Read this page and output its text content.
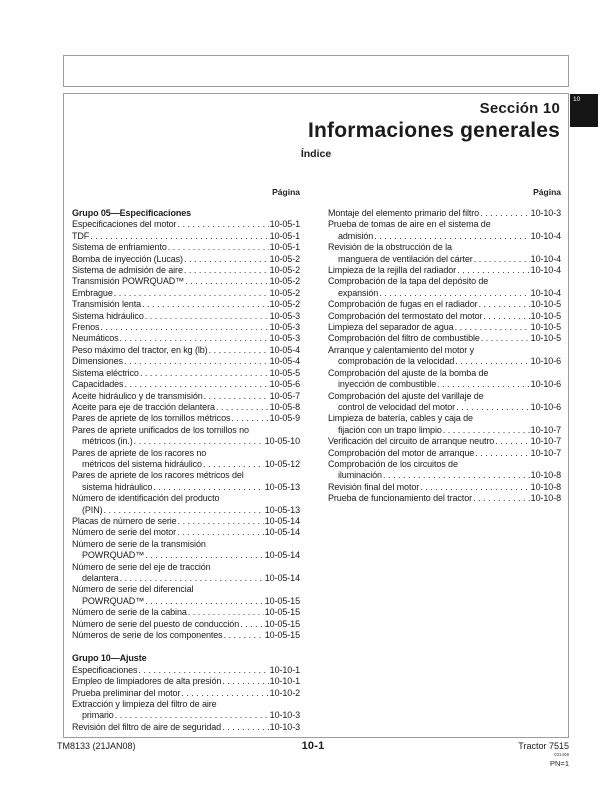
Sección 10
Informaciones generales
Índice
Página	Página
Grupo 05—Especificaciones
Especificaciones del motor . . .	10-05-1
TDF . . .	10-05-1
Sistema de enfriamiento . . .	10-05-1
Bomba de inyección (Lucas) . . .	10-05-2
Sistema de admisión de aire . . .	10-05-2
Transmisión POWRQUAD™ . . .	10-05-2
Embrague . . .	10-05-2
Transmisión lenta . . .	10-05-2
Sistema hidráulico . . .	10-05-3
Frenos . . .	10-05-3
Neumáticos . . .	10-05-3
Peso máximo del tractor, en kg (lb) . . .	10-05-4
Dimensiones . . .	10-05-4
Sistema eléctrico . . .	10-05-5
Capacidades . . .	10-05-6
Aceite hidráulico y de transmisión . . .	10-05-7
Aceite para eje de tracción delantera . . .	10-05-8
Pares de apriete de los tornillos métricos . . .	10-05-9
Pares de apriete unificados de los tornillos no
métricos (in.) . . .	10-05-10
Pares de apriete de los racores no
métricos del sistema hidráulico . . .	10-05-12
Pares de apriete de los racores métricos del
sistema hidráulico . . .	10-05-13
Número de identificación del producto
(PIN) . . .	10-05-13
Placas de número de serie . . .	10-05-14
Número de serie del motor . . .	10-05-14
Número de serie de la transmisión
POWRQUAD™ . . .	10-05-14
Número de serie del eje de tracción
delantera . . .	10-05-14
Número de serie del diferencial
POWRQUAD™ . . .	10-05-15
Número de serie de la cabina . . .	10-05-15
Número de serie del puesto de conducción . . .	10-05-15
Números de serie de los componentes . . .	10-05-15
Grupo 10—Ajuste
Especificaciones . . .	10-10-1
Empleo de limpiadores de alta presión . . .	10-10-1
Prueba preliminar del motor . . .	10-10-2
Extracción y limpieza del filtro de aire
primario . . .	10-10-3
Revisión del filtro de aire de seguridad . . .	10-10-3
Montaje del elemento primario del filtro . . .	10-10-3
Prueba de tomas de aire en el sistema de
admisión . . .	10-10-4
Revisión de la obstrucción de la
manguera de ventilación del cárter . . .	10-10-4
Limpieza de la rejilla del radiador . . .	10-10-4
Comprobación de la tapa del depósito de
expansión . . .	10-10-4
Comprobación de fugas en el radiador . . .	10-10-5
Comprobación del termostato del motor . . .	10-10-5
Limpieza del separador de agua . . .	10-10-5
Comprobación del filtro de combustible . . .	10-10-5
Arranque y calentamiento del motor y
comprobación de la velocidad . . .	10-10-6
Comprobación del ajuste de la bomba de
inyección de combustible . . .	10-10-6
Comprobación del ajuste del varillaje de
control de velocidad del motor . . .	10-10-6
Limpieza de batería, cables y caja de
fijación con un trapo limpio . . .	10-10-7
Verificación del circuito de arranque neutro . . .	10-10-7
Comprobación del motor de arranque . . .	10-10-7
Comprobación de los circuitos de
iluminación . . .	10-10-8
Revisión final del motor . . .	10-10-8
Prueba de funcionamiento del tractor . . .	10-10-8
10
TM8133 (21JAN08)	10-1	Tractor 7515
031408
PN=1
